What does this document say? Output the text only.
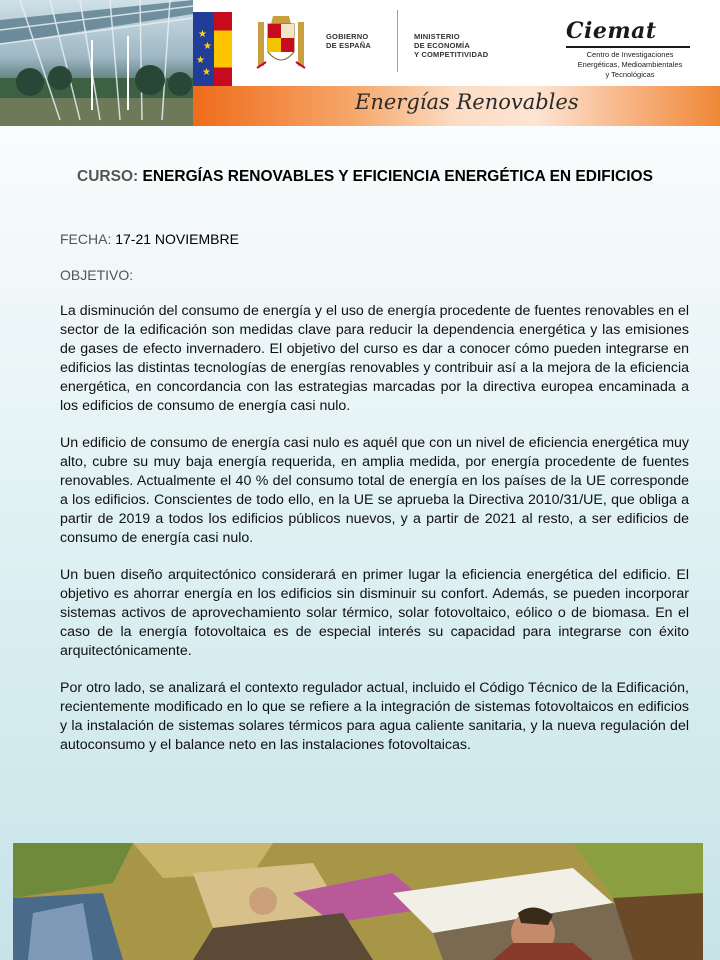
★
★
★
★
GOBIERNO
DE ESPAÑA
MINISTERIO
DE ECONOMÍA
Y COMPETITIVIDAD
Ciemat
Centro de Investigaciones
Energéticas, Medioambientales
y Tecnológicas
Energías Renovables
CURSO: ENERGÍAS RENOVABLES Y EFICIENCIA ENERGÉTICA EN EDIFICIOS
FECHA: 17-21 NOVIEMBRE
OBJETIVO:

La disminución del consumo de energía y el uso de energía procedente de fuentes renovables en el sector de la edificación son medidas clave para reducir la dependencia energética y las emisiones de gases de efecto invernadero. El objetivo del curso es dar a conocer cómo pueden integrarse en edificios las distintas tecnologías de energías renovables y contribuir así a la mejora de la eficiencia energética, en concordancia con las estrategias marcadas por la directiva europea encaminada a los edificios de consumo de energía casi nulo.

Un edificio de consumo de energía casi nulo es aquél que con un nivel de eficiencia energética muy alto, cubre su muy baja energía requerida, en amplia medida, por energía procedente de fuentes renovables. Actualmente el 40 % del consumo total de energía en los países de la UE corresponde a los edificios. Conscientes de todo ello, en la UE se aprueba la Directiva 2010/31/UE, que obliga a partir de 2019 a todos los edificios públicos nuevos, y a partir de 2021 al resto, a ser edificios de consumo de energía casi nulo.

Un buen diseño arquitectónico considerará en primer lugar la eficiencia energética del edificio. El objetivo es ahorrar energía en los edificios sin disminuir su confort. Además, se pueden incorporar sistemas activos de aprovechamiento solar térmico, solar fotovoltaico, eólico o de biomasa. En el caso de la energía fotovoltaica es de especial interés su capacidad para integrarse con éxito arquitectónicamente.

Por otro lado, se analizará el contexto regulador actual, incluido el Código Técnico de la Edificación, recientemente modificado en lo que se refiere a la integración de sistemas fotovoltaicos en edificios y la instalación de sistemas solares térmicos para agua caliente sanitaria, y la nueva regulación del autoconsumo y el balance neto en las instalaciones fotovoltaicas.
